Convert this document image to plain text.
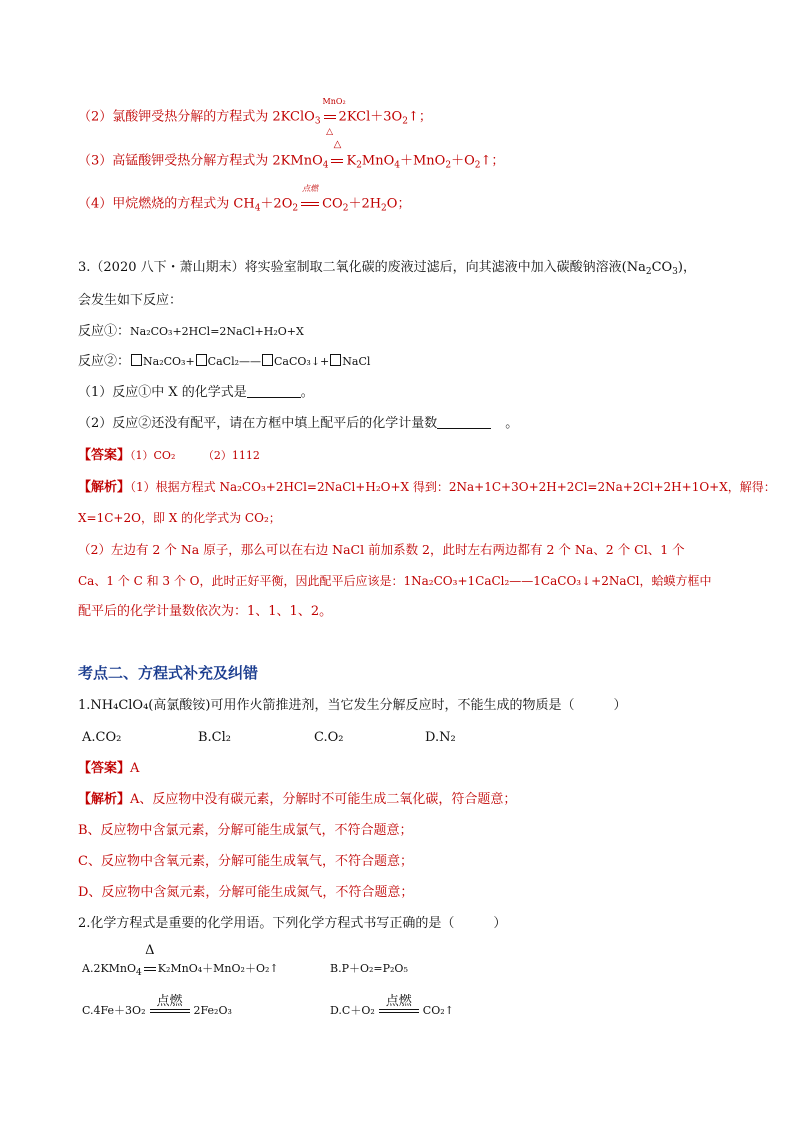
（2）氯酸钾受热分解的方程式为 2KClO$_3$
MnO₂
△
$2KCl+3O_2↑$；
（3）高锰酸钾受热分解方程式为 2KMnO$_4$
△
$K_2MnO_4+MnO_2+O_2↑$；
（4）甲烷燃烧的方程式为 $CH_4+2O_2$
点燃
$CO_2+2H_2O$；
3.（2020 八下・萧山期末）将实验室制取二氧化碳的废液过滤后，向其滤液中加入碳酸钠溶液$(Na_2CO_3)$，
会发生如下反应：
反应①：Na₂CO₃+2HCl=2NaCl+H₂O+X
反应②： Na₂CO₃+ CaCl₂—— CaCO₃↓+ NaCl
（1）反应①中 X 的化学式是	。
（2）反应②还没有配平，请在方框中填上配平后的化学计量数	。
【答案】（1）CO₂　　　（2）1112
【解析】（1）根据方程式 Na₂CO₃+2HCl=2NaCl+H₂O+X 得到：2Na+1C+3O+2H+2Cl=2Na+2Cl+2H+1O+X，解得：
X=1C+2O，即 X 的化学式为 CO₂；
（2）左边有 2 个 Na 原子，那么可以在右边 NaCl 前加系数 2，此时左右两边都有 2 个 Na、2 个 Cl、1 个
Ca、1 个 C 和 3 个 O，此时正好平衡，因此配平后应该是：1Na₂CO₃+1CaCl₂——1CaCO₃↓+2NaCl，蛤蟆方框中
配平后的化学计量数依次为：1、1、1、2。
考点二、方程式补充及纠错
1.NH₄ClO₄(高氯酸铵)可用作火箭推进剂，当它发生分解反应时，不能生成的物质是（　　　）
A.CO₂	B.Cl₂	C.O₂	D.N₂
【答案】A
【解析】A、反应物中没有碳元素，分解时不可能生成二氧化碳，符合题意；
B、反应物中含氯元素，分解可能生成氯气，不符合题意；
C、反应物中含氧元素，分解可能生成氧气，不符合题意；
D、反应物中含氮元素，分解可能生成氮气，不符合题意；
2.化学方程式是重要的化学用语。下列化学方程式书写正确的是（　　　）
A.2KMnO$_4$
Δ
K₂MnO₄＋MnO₂＋O₂↑	B.P＋O₂=P₂O₅
C.4Fe＋3O₂
点燃
2Fe₂O₃	D.C＋O₂
点燃
CO₂↑
